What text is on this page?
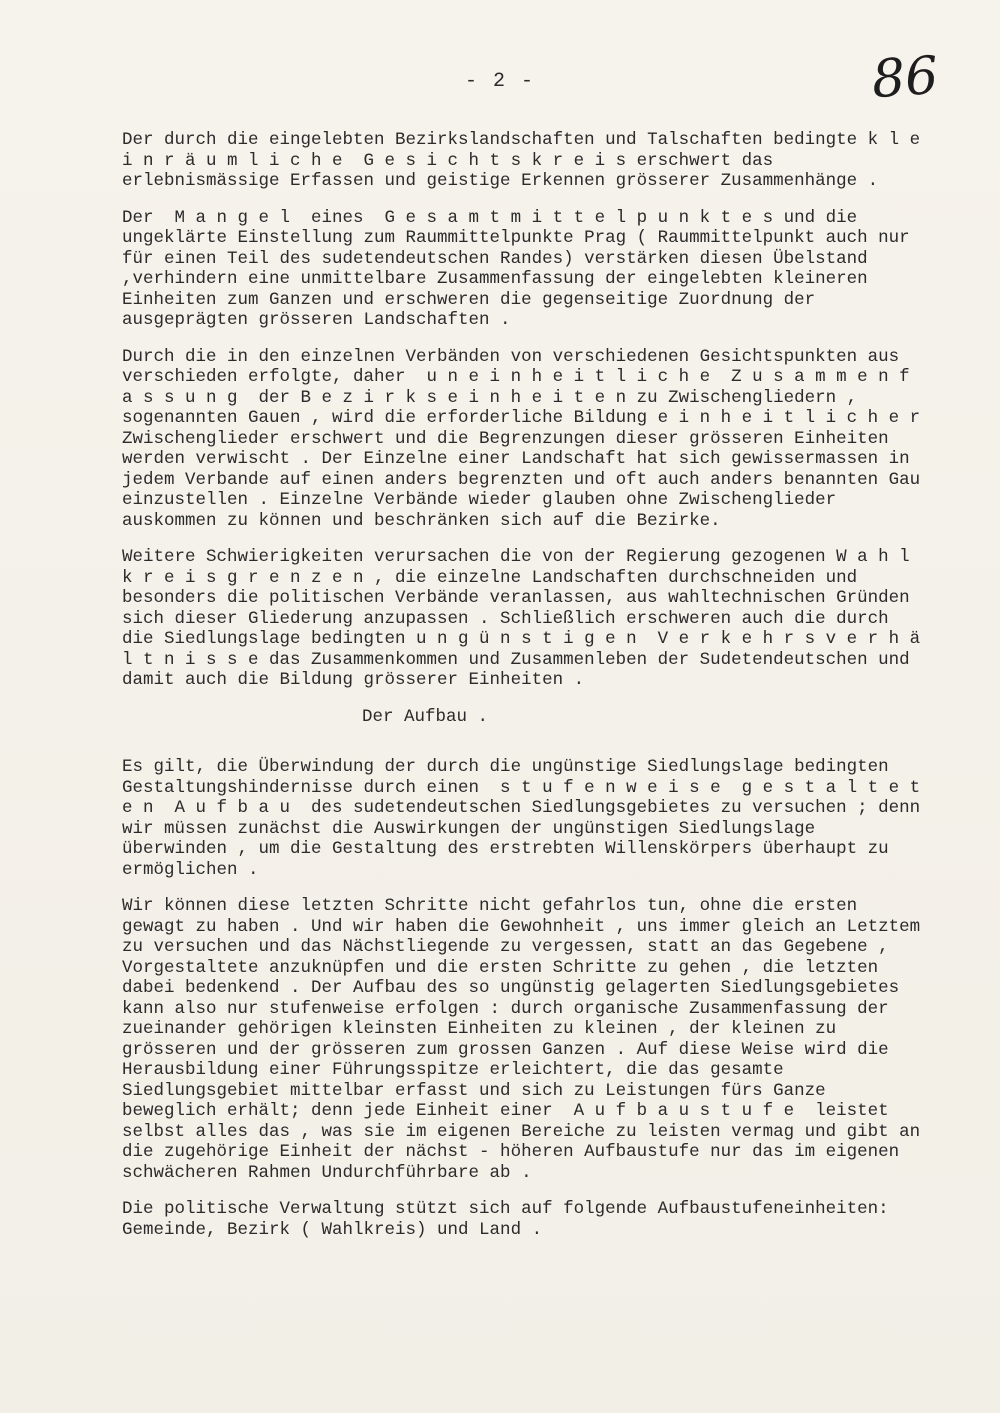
- 2 -	86

Der durch die eingelebten Bezirkslandschaften und Talschaften bedingte k l e i n r ä u m l i c h e  G e s i c h t s k r e i s erschwert das erlebnismässige Erfassen und geistige Erkennen grösserer Zusammenhänge .

Der  M a n g e l  eines  G e s a m t m i t t e l p u n k t e s und die ungeklärte Einstellung zum Raummittelpunkte Prag ( Raummittelpunkt auch nur für einen Teil des sudetendeutschen Randes) verstärken diesen Übelstand  ,verhindern eine unmittelbare Zusammenfassung der eingelebten kleineren Einheiten zum Ganzen und erschweren die gegenseitige Zuordnung der ausgeprägten grösseren Landschaften .

Durch die in den einzelnen Verbänden von verschiedenen Gesichtspunkten aus verschieden erfolgte, daher  u n e i n h e i t l i c h e  Z u s a m m e n f a s s u n g  der B e z i r k s e i n h e i t e n zu Zwischengliedern , sogenannten Gauen , wird die erforderliche Bildung e i n h e i t l i c h e r  Zwischenglieder erschwert und die Begrenzungen dieser grösseren Einheiten werden verwischt . Der Einzelne einer Landschaft hat sich gewissermassen in jedem Verbande auf einen anders begrenzten und oft auch anders benannten Gau einzustellen . Einzelne Verbände wieder glauben ohne Zwischenglieder auskommen zu können und beschränken sich auf die Bezirke.

Weitere Schwierigkeiten verursachen die von der Regierung gezogenen W a h l k r e i s g r e n z e n , die einzelne Landschaften durchschneiden und besonders die politischen Verbände veranlassen, aus wahltechnischen Gründen sich dieser Gliederung anzupassen . Schließlich erschweren auch die durch die Siedlungslage bedingten u n g ü n s t i g e n  V e r k e h r s v e r h ä l t n i s s e das Zusammenkommen und Zusammenleben der Sudetendeutschen und damit auch die Bildung grösserer Einheiten .

Der Aufbau .

Es gilt, die Überwindung der durch die ungünstige Siedlungslage bedingten Gestaltungshindernisse durch einen  s t u f e n w e i s e  g e s t a l t e t e n  A u f b a u  des sudetendeutschen Siedlungsgebietes zu versuchen ; denn wir müssen zunächst die Auswirkungen der ungünstigen Siedlungslage überwinden , um die Gestaltung des erstrebten Willenskörpers überhaupt zu ermöglichen .

Wir können diese letzten Schritte nicht gefahrlos tun, ohne die ersten gewagt zu haben . Und wir haben die Gewohnheit , uns immer gleich an Letztem zu versuchen und das Nächstliegende zu vergessen, statt an das Gegebene , Vorgestaltete anzuknüpfen und die ersten Schritte zu gehen , die letzten dabei bedenkend . Der Aufbau des so ungünstig gelagerten Siedlungsgebietes kann also nur stufenweise erfolgen : durch organische Zusammenfassung der zueinander gehörigen kleinsten Einheiten zu kleinen , der kleinen zu grösseren und der grösseren zum grossen Ganzen . Auf diese Weise wird die Herausbildung einer Führungsspitze erleichtert, die das gesamte Siedlungsgebiet mittelbar erfasst und sich zu Leistungen fürs Ganze beweglich erhält; denn jede Einheit einer  A u f b a u s t u f e  leistet selbst alles das , was sie im eigenen Bereiche zu leisten vermag und gibt an die zugehörige Einheit der nächst - höheren Aufbaustufe nur das im eigenen schwächeren Rahmen Undurchführbare ab .

Die politische Verwaltung stützt sich auf folgende Aufbaustufeneinheiten: Gemeinde, Bezirk ( Wahlkreis) und Land .
